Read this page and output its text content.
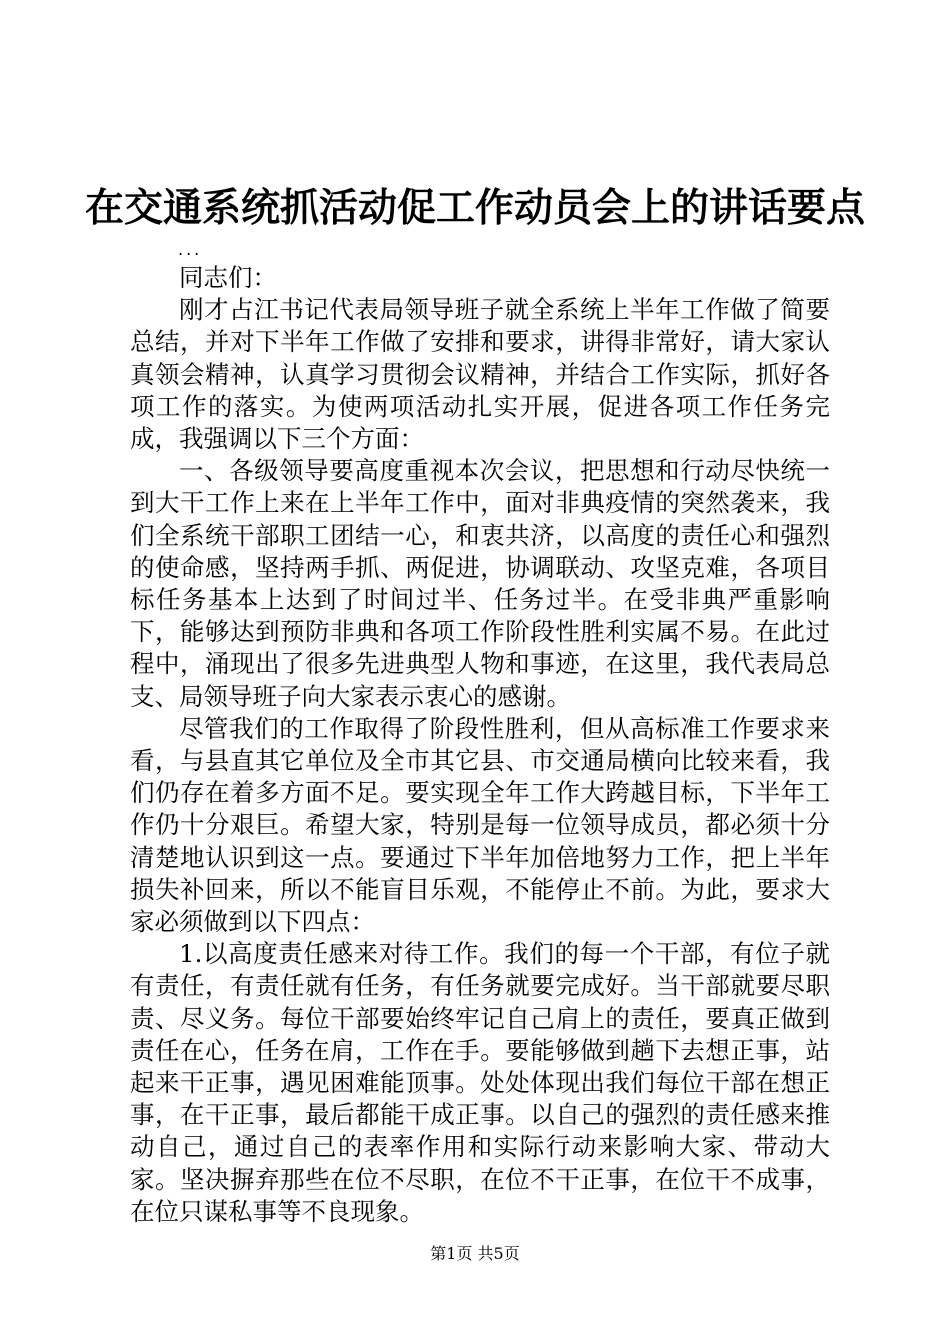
在交通系统抓活动促工作动员会上的讲话要点
...

同志们：

刚才占江书记代表局领导班子就全系统上半年工作做了简要总结，并对下半年工作做了安排和要求，讲得非常好，请大家认真领会精神，认真学习贯彻会议精神，并结合工作实际，抓好各项工作的落实。为使两项活动扎实开展，促进各项工作任务完成，我强调以下三个方面：

一、各级领导要高度重视本次会议，把思想和行动尽快统一到大干工作上来在上半年工作中，面对非典疫情的突然袭来，我们全系统干部职工团结一心，和衷共济，以高度的责任心和强烈的使命感，坚持两手抓、两促进，协调联动、攻坚克难，各项目标任务基本上达到了时间过半、任务过半。在受非典严重影响下，能够达到预防非典和各项工作阶段性胜利实属不易。在此过程中，涌现出了很多先进典型人物和事迹，在这里，我代表局总支、局领导班子向大家表示衷心的感谢。

尽管我们的工作取得了阶段性胜利，但从高标准工作要求来看，与县直其它单位及全市其它县、市交通局横向比较来看，我们仍存在着多方面不足。要实现全年工作大跨越目标，下半年工作仍十分艰巨。希望大家，特别是每一位领导成员，都必须十分清楚地认识到这一点。要通过下半年加倍地努力工作，把上半年损失补回来，所以不能盲目乐观，不能停止不前。为此，要求大家必须做到以下四点：

1.以高度责任感来对待工作。我们的每一个干部，有位子就有责任，有责任就有任务，有任务就要完成好。当干部就要尽职责、尽义务。每位干部要始终牢记自己肩上的责任，要真正做到责任在心，任务在肩，工作在手。要能够做到趟下去想正事，站起来干正事，遇见困难能顶事。处处体现出我们每位干部在想正事，在干正事，最后都能干成正事。以自己的强烈的责任感来推动自己，通过自己的表率作用和实际行动来影响大家、带动大家。坚决摒弃那些在位不尽职，在位不干正事，在位干不成事，在位只谋私事等不良现象。

第1页 共5页
